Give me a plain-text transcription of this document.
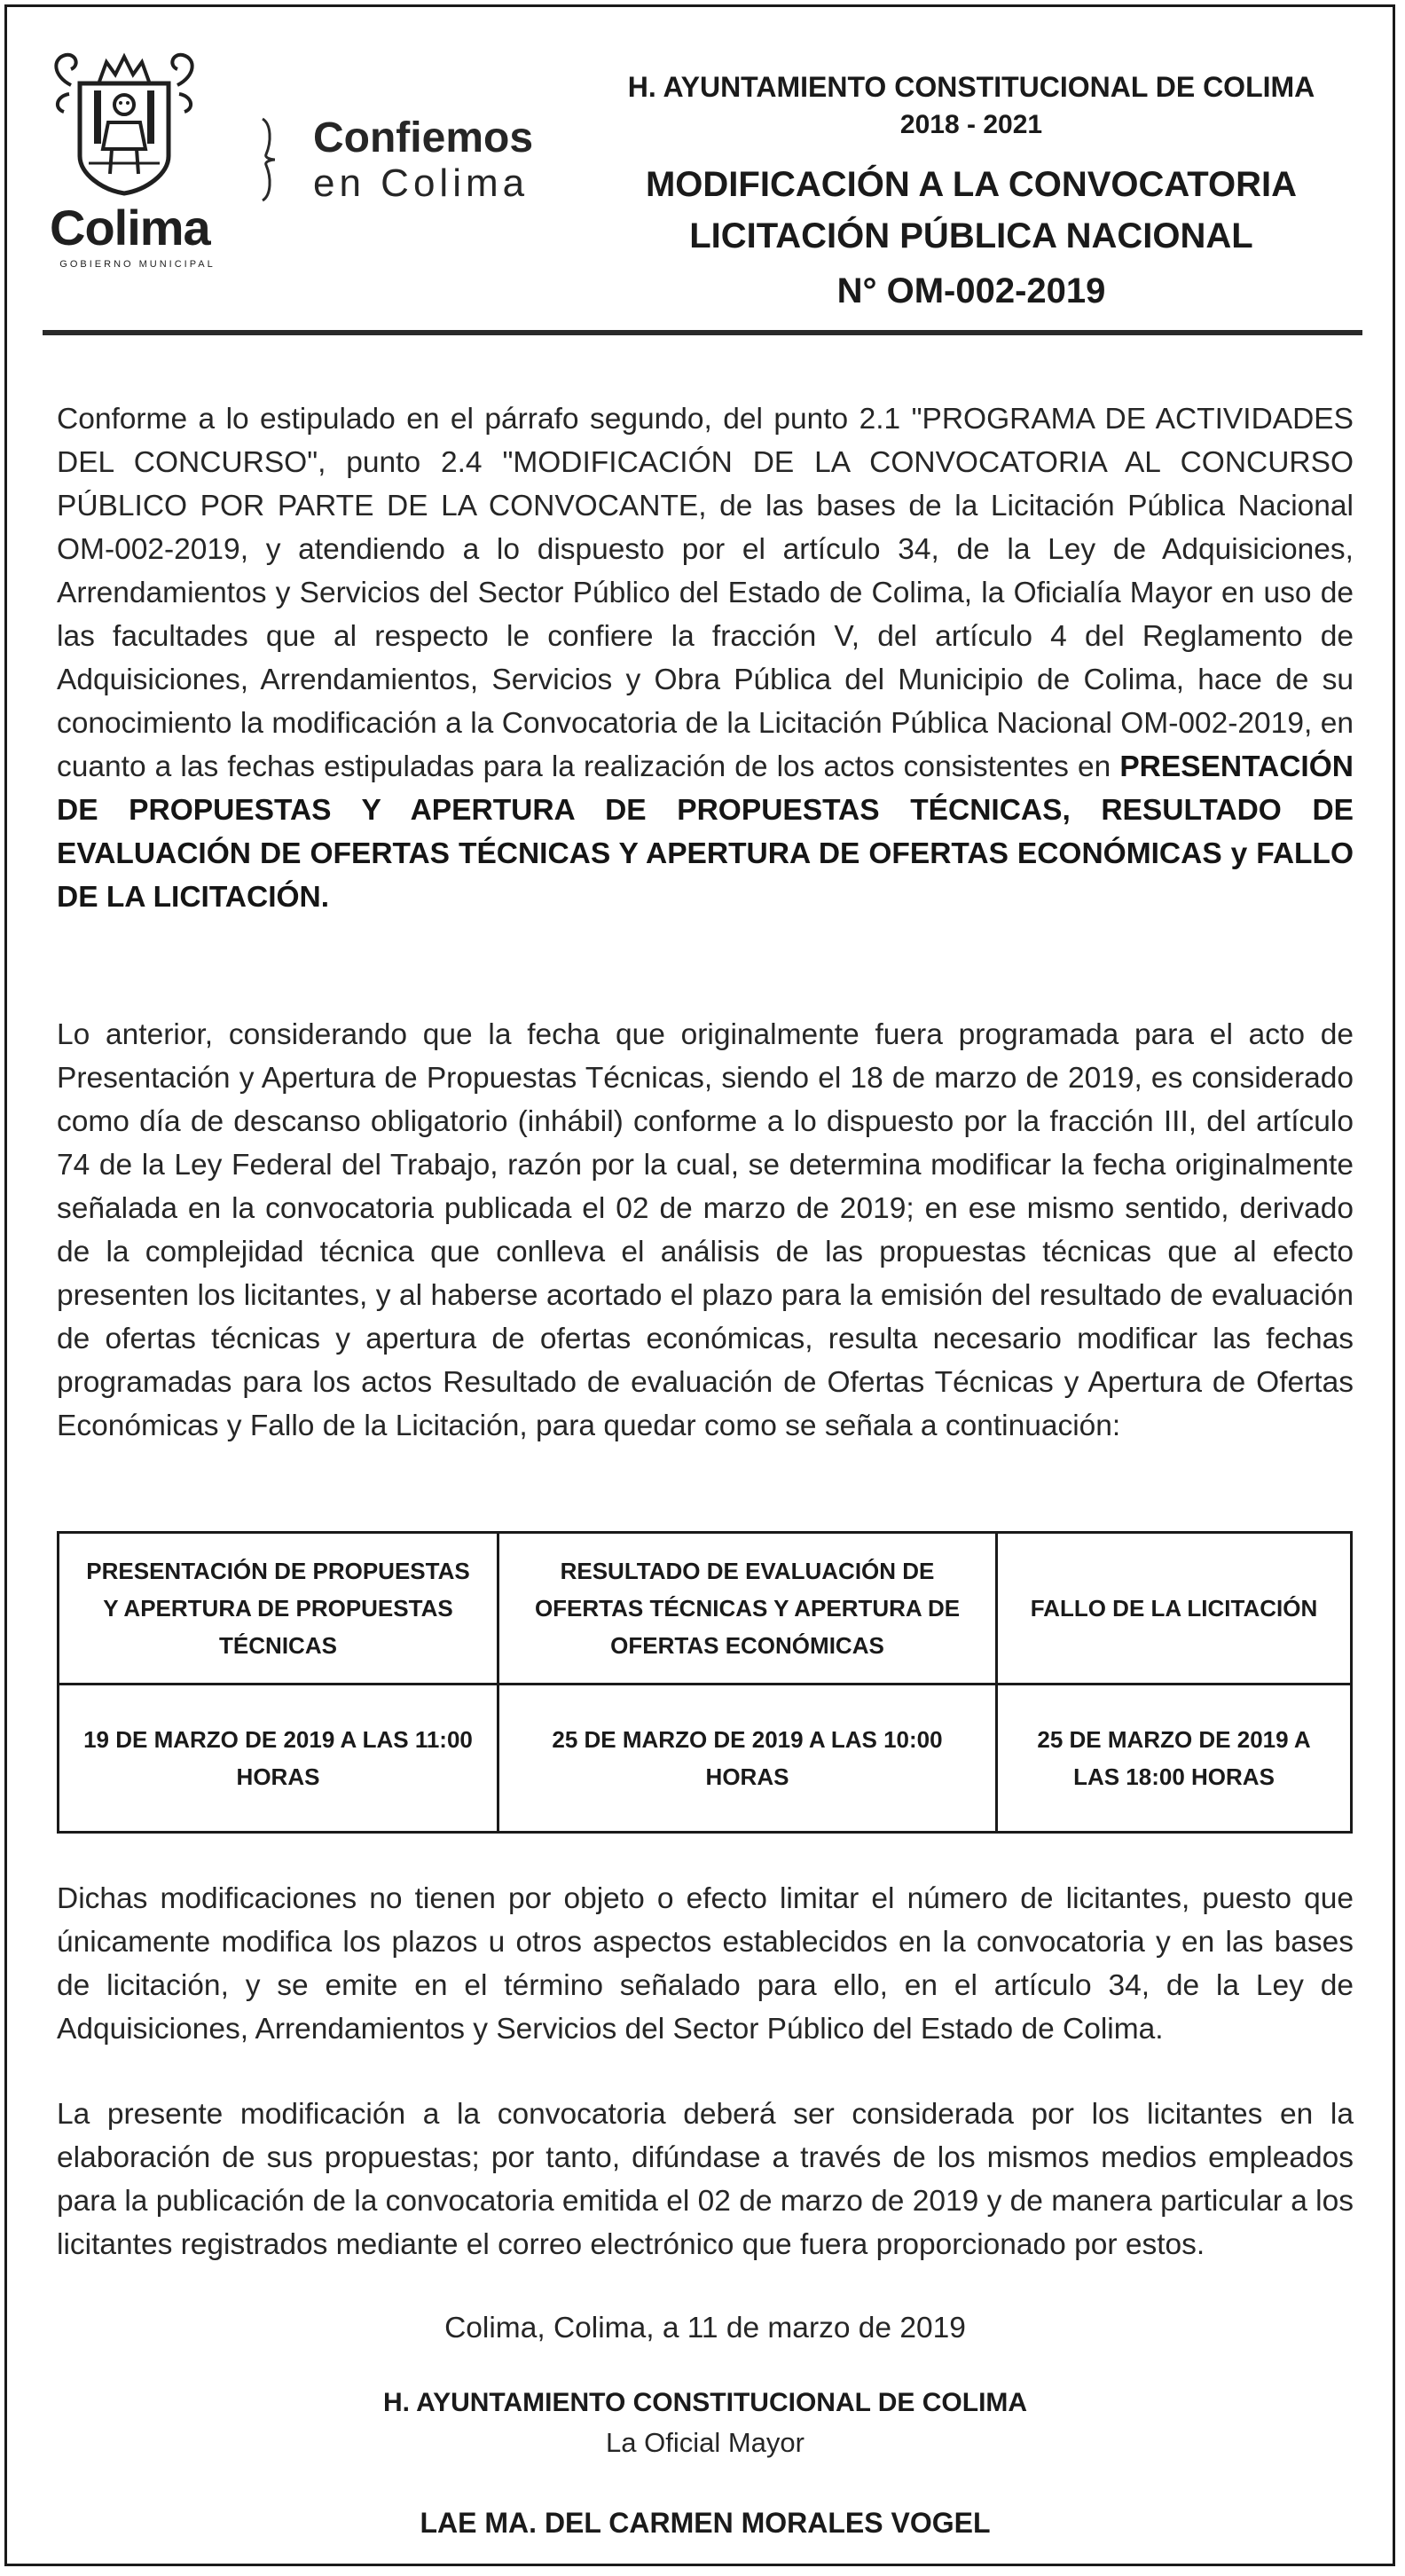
Colima
GOBIERNO MUNICIPAL
Confiemos
en Colima
H. AYUNTAMIENTO CONSTITUCIONAL DE COLIMA
2018 - 2021
MODIFICACIÓN A LA CONVOCATORIA
LICITACIÓN PÚBLICA NACIONAL
N° OM-002-2019
Conforme a lo estipulado en el párrafo segundo, del punto 2.1 "PROGRAMA DE ACTIVIDADES DEL CONCURSO", punto 2.4 "MODIFICACIÓN DE LA CONVOCATORIA AL CONCURSO PÚBLICO POR PARTE DE LA CONVOCANTE, de las bases de la Licitación Pública Nacional OM-002-2019, y atendiendo a lo dispuesto por el artículo 34, de la Ley de Adquisiciones, Arrendamientos y Servicios del Sector Público del Estado de Colima, la Oficialía Mayor en uso de las facultades que al respecto le confiere la fracción V, del artículo 4 del Reglamento de Adquisiciones, Arrendamientos, Servicios y Obra Pública del Municipio de Colima, hace de su conocimiento la modificación a la Convocatoria de la Licitación Pública Nacional OM-002-2019, en cuanto a las fechas estipuladas para la realización de los actos consistentes en PRESENTACIÓN DE PROPUESTAS Y APERTURA DE PROPUESTAS TÉCNICAS, RESULTADO DE EVALUACIÓN DE OFERTAS TÉCNICAS Y APERTURA DE OFERTAS ECONÓMICAS y FALLO DE LA LICITACIÓN.
Lo anterior, considerando que la fecha que originalmente fuera programada para el acto de Presentación y Apertura de Propuestas Técnicas, siendo el 18 de marzo de 2019, es considerado como día de descanso obligatorio (inhábil) conforme a lo dispuesto por la fracción III, del artículo 74 de la Ley Federal del Trabajo, razón por la cual, se determina modificar la fecha originalmente señalada en la convocatoria publicada el 02 de marzo de 2019; en ese mismo sentido, derivado de la complejidad técnica que conlleva el análisis de las propuestas técnicas que al efecto presenten los licitantes, y al haberse acortado el plazo para la emisión del resultado de evaluación de ofertas técnicas y apertura de ofertas económicas, resulta necesario modificar las fechas programadas para los actos Resultado de evaluación de Ofertas Técnicas y Apertura de Ofertas Económicas y Fallo de la Licitación, para quedar como se señala a continuación:
PRESENTACIÓN DE PROPUESTAS Y APERTURA DE PROPUESTAS TÉCNICAS	RESULTADO DE EVALUACIÓN DE OFERTAS TÉCNICAS Y APERTURA DE OFERTAS ECONÓMICAS	FALLO DE LA LICITACIÓN
19 DE MARZO DE 2019 A LAS 11:00 HORAS	25 DE MARZO DE 2019 A LAS 10:00 HORAS	25 DE MARZO DE 2019 A LAS 18:00 HORAS
Dichas modificaciones no tienen por objeto o efecto limitar el número de licitantes, puesto que únicamente modifica los plazos u otros aspectos establecidos en la convocatoria y en las bases de licitación, y se emite en el término señalado para ello, en el artículo 34, de la Ley de Adquisiciones, Arrendamientos y Servicios del Sector Público del Estado de Colima.
La presente modificación a la convocatoria deberá ser considerada por los licitantes en la elaboración de sus propuestas; por tanto, difúndase a través de los mismos medios empleados para la publicación de la convocatoria emitida el 02 de marzo de 2019 y de manera particular a los licitantes registrados mediante el correo electrónico que fuera proporcionado por estos.
Colima, Colima, a 11 de marzo de 2019
H. AYUNTAMIENTO CONSTITUCIONAL DE COLIMA
La Oficial Mayor
LAE MA. DEL CARMEN MORALES VOGEL
